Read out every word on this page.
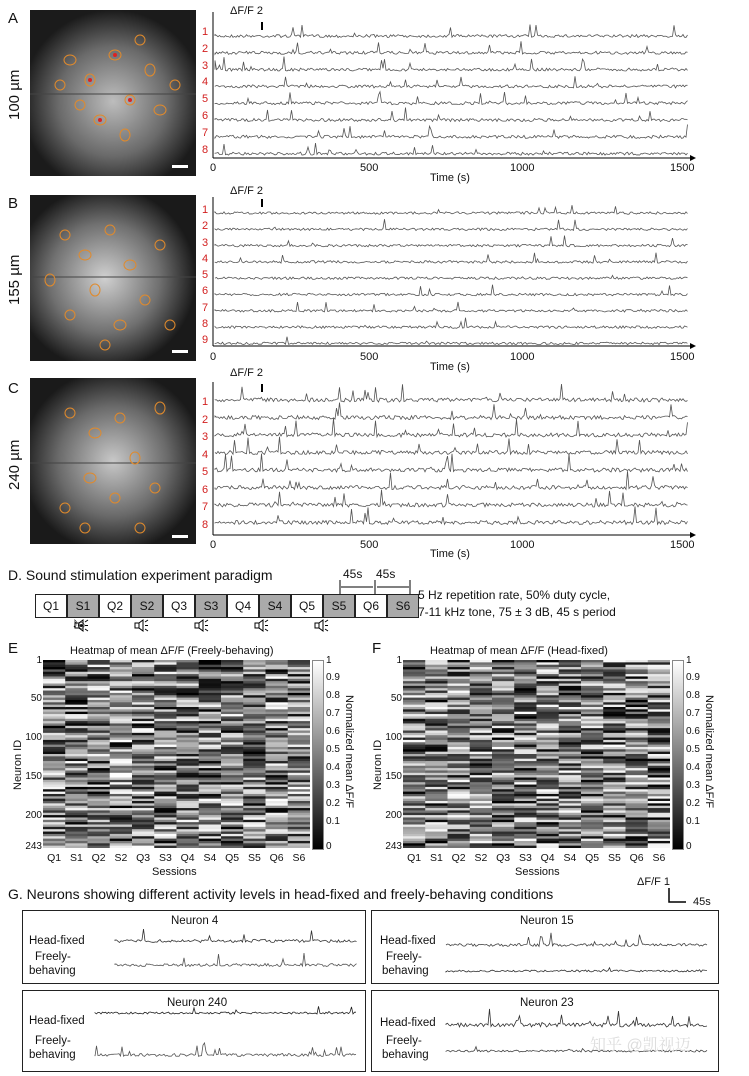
A
100 µm
ΔF/F 2
1
2
3
4
5
6
7
8
0	500	1000	1500
Time (s)
B
155 µm
ΔF/F 2
1
2
3
4
5
6
7
8
9
0	500	1000	1500
Time (s)
C
240 µm
ΔF/F 2
1
2
3
4
5
6
7
8
0	500	1000	1500
Time (s)
D. Sound stimulation experiment paradigm
Q1	S1	Q2	S2	Q3	S3	Q4	S4	Q5	S5	Q6	S6
45s 45s
𝆺𝅥𝅯⦿
5 Hz repetition rate, 50% duty cycle,
7-11 kHz tone, 75 ± 3 dB, 45 s period
E	Heatmap of mean ΔF/F (Freely-behaving)
Neuron ID
1
50
100
150
200
243
Q1 S1 Q2 S2 Q3 S3 Q4 S4 Q5 S5 Q6 S6
Sessions
1
0.9
0.8
0.7
0.6
0.5
0.4
0.3
0.2
0.1
0
Normalized mean ΔF/F
F	Heatmap of mean ΔF/F (Head-fixed)
Neuron ID
1
50
100
150
200
243
Q1 S1 Q2 S2 Q3 S3 Q4 S4 Q5 S5 Q6 S6
Sessions
1
0.9
0.8
0.7
0.6
0.5
0.4
0.3
0.2
0.1
0
Normalized mean ΔF/F
G. Neurons showing different activity levels in head-fixed and freely-behaving conditions
ΔF/F 1
45s
Neuron 4
Head-fixed
Freely-
behaving
Neuron 15
Head-fixed
Freely-
behaving
Neuron 240
Head-fixed
Freely-
behaving
Neuron 23
Head-fixed
Freely-
behaving
知乎 @凯视迈
